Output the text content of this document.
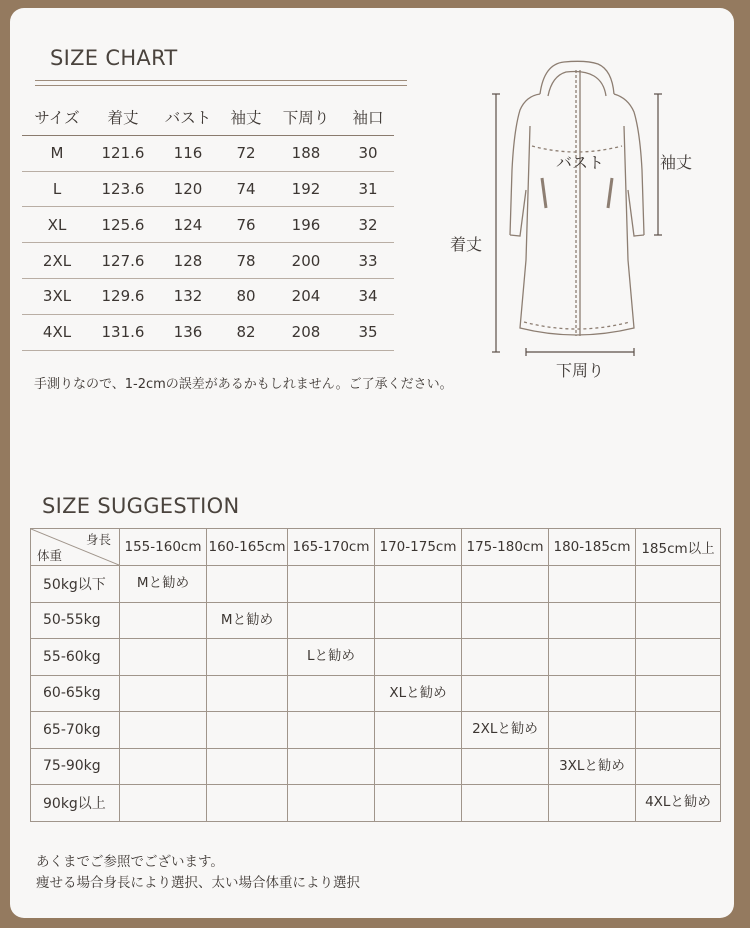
SIZE CHART
サイズ	着丈	バスト	袖丈	下周り	袖口
M	121.6	116	72	188	30
L	123.6	120	74	192	31
XL	125.6	124	76	196	32
2XL	127.6	128	78	200	33
3XL	129.6	132	80	204	34
4XL	131.6	136	82	208	35
手測りなので、1-2cmの誤差があるかもしれません。ご了承ください。
バスト	袖丈
着丈
下周り
SIZE SUGGESTION
身長
体重	155-160cm	160-165cm	165-170cm	170-175cm	175-180cm	180-185cm	185cm以上
50kg以下	Mと勧め						
50-55kg		Mと勧め					
55-60kg			Lと勧め				
60-65kg				XLと勧め			
65-70kg					2XLと勧め		
75-90kg						3XLと勧め	
90kg以上							4XLと勧め
あくまでご参照でございます。
痩せる場合身長により選択、太い場合体重により選択
